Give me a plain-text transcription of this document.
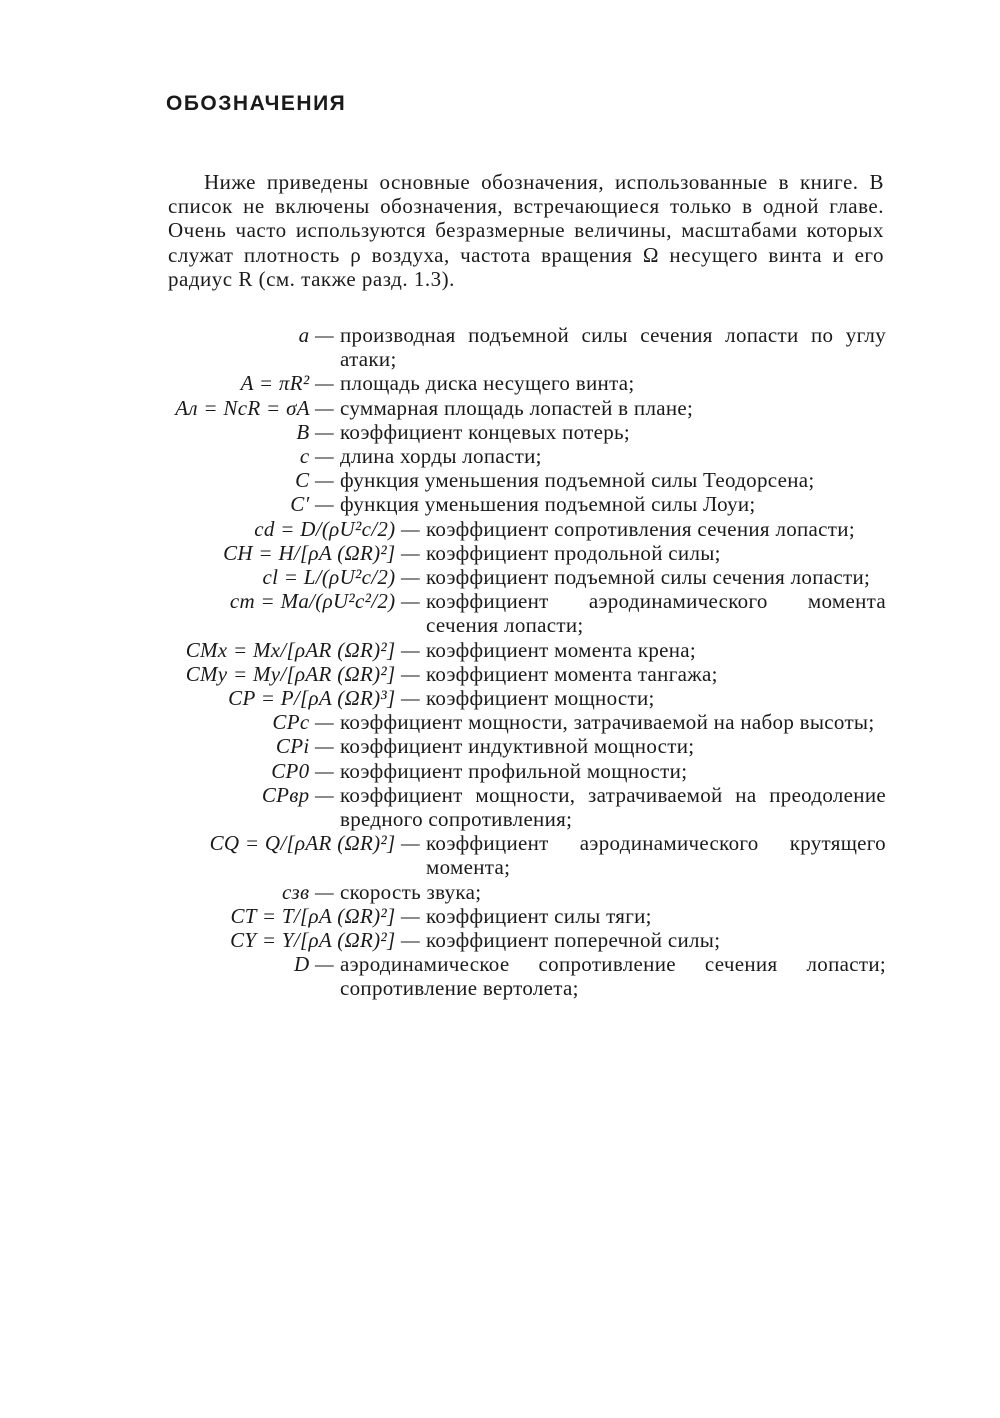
ОБОЗНАЧЕНИЯ

Ниже приведены основные обозначения, использованные в книге. В список не включены обозначения, встречающиеся только в одной главе. Очень часто используются безразмерные величины, масштабами которых служат плотность ρ воздуха, частота вращения Ω несущего винта и его радиус R (см. также разд. 1.3).

a — производная подъемной силы сечения лопасти по углу атаки;
A = πR² — площадь диска несущего винта;
Aл = NcR = σA — суммарная площадь лопастей в плане;
B — коэффициент концевых потерь;
c — длина хорды лопасти;
C — функция уменьшения подъемной силы Теодорсена;
C′ — функция уменьшения подъемной силы Лоуи;
cd = D/(ρU²c/2) — коэффициент сопротивления сечения лопасти;
CH = H/[ρA (ΩR)²] — коэффициент продольной силы;
cl = L/(ρU²c/2) — коэффициент подъемной силы сечения лопасти;
cm = Ma/(ρU²c²/2) — коэффициент аэродинамического момента сечения лопасти;
CMx = Mx/[ρAR (ΩR)²] — коэффициент момента крена;
CMy = My/[ρAR (ΩR)²] — коэффициент момента тангажа;
CP = P/[ρA (ΩR)³] — коэффициент мощности;
CPc — коэффициент мощности, затрачиваемой на набор высоты;
CPi — коэффициент индуктивной мощности;
CP0 — коэффициент профильной мощности;
CPвр — коэффициент мощности, затрачиваемой на преодоление вредного сопротивления;
CQ = Q/[ρAR (ΩR)²] — коэффициент аэродинамического крутящего момента;
cзв — скорость звука;
CT = T/[ρA (ΩR)²] — коэффициент силы тяги;
CY = Y/[ρA (ΩR)²] — коэффициент поперечной силы;
D — аэродинамическое сопротивление сечения лопасти; сопротивление вертолета;
